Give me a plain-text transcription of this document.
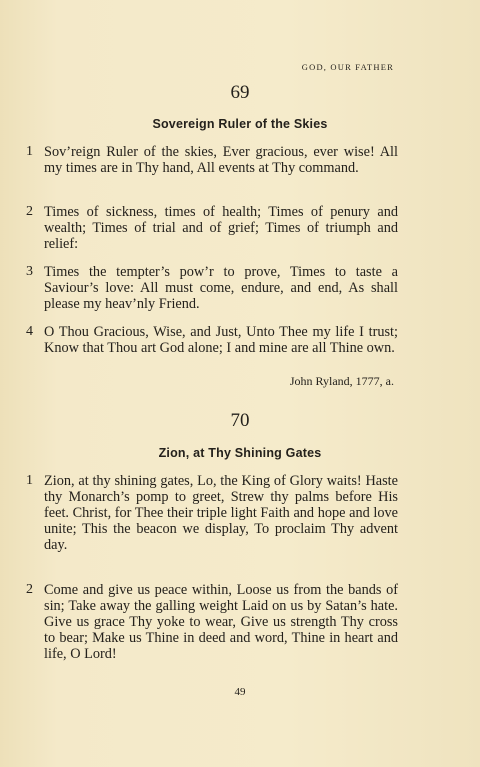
GOD, OUR FATHER
69
Sovereign Ruler of the Skies
1 Sov’reign Ruler of the skies, Ever gracious, ever wise! All my times are in Thy hand, All events at Thy command.
2 Times of sickness, times of health; Times of penury and wealth; Times of trial and of grief; Times of triumph and relief:
3 Times the tempter’s pow’r to prove, Times to taste a Saviour’s love: All must come, endure, and end, As shall please my heav’nly Friend.
4 O Thou Gracious, Wise, and Just, Unto Thee my life I trust; Know that Thou art God alone; I and mine are all Thine own.
John Ryland, 1777, a.
70
Zion, at Thy Shining Gates
1 Zion, at thy shining gates, Lo, the King of Glory waits! Haste thy Monarch’s pomp to greet, Strew thy palms before His feet. Christ, for Thee their triple light Faith and hope and love unite; This the beacon we display, To proclaim Thy advent day.
2 Come and give us peace within, Loose us from the bands of sin; Take away the galling weight Laid on us by Satan’s hate. Give us grace Thy yoke to wear, Give us strength Thy cross to bear; Make us Thine in deed and word, Thine in heart and life, O Lord!
49
